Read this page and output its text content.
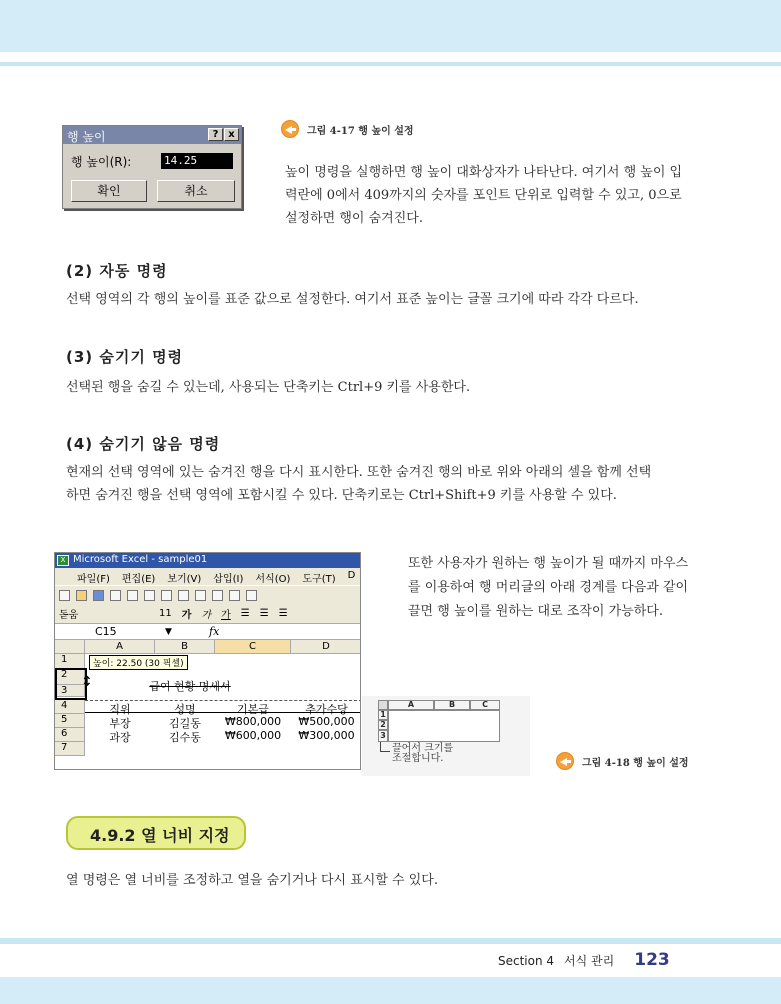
행 높이	? x
행 높이(R):	14.25
확인	취소
그림 4-17 행 높이 설정
높이 명령을 실행하면 행 높이 대화상자가 나타난다. 여기서 행 높이 입
력란에 0에서 409까지의 숫자를 포인트 단위로 입력할 수 있고, 0으로
설정하면 행이 숨겨진다.
(2) 자동 명령
선택 영역의 각 행의 높이를 표준 값으로 설정한다. 여기서 표준 높이는 글꼴 크기에 따라 각각 다르다.
(3) 숨기기 명령
선택된 행을 숨길 수 있는데, 사용되는 단축키는 Ctrl+9 키를 사용한다.
(4) 숨기기 않음 명령
현재의 선택 영역에 있는 숨겨진 행을 다시 표시한다. 또한 숨겨진 행의 바로 위와 아래의 셀을 함께 선택
하면 숨겨진 행을 선택 영역에 포함시킬 수 있다. 단축키로는 Ctrl+Shift+9 키를 사용할 수 있다.
X Microsoft Excel - sample01
파일(F) 편집(E) 보기(V) 삽입(I) 서식(O) 도구(T) D
돋움	11 가 가 가 ☰ ☰ ☰
C15	▼	fx
A	B	C	D
1
2
3
↕
4
5
6
7
높이: 22.50 (30 픽셀)
급여 현황 명세서
직위	성명	기본급	추가수당
부장	김길동	₩800,000	₩500,000
과장	김수동	₩600,000	₩300,000
또한 사용자가 원하는 행 높이가 될 때까지 마우스
를 이용하여 행 머리글의 아래 경계를 다음과 같이
끌면 행 높이를 원하는 대로 조작이 가능하다.
A	B	C
1
2
3
끌어서 크기를
조절합니다.	그림 4-18 행 높이 설정
4.9.2 열 너비 지정
열 명령은 열 너비를 조정하고 열을 숨기거나 다시 표시할 수 있다.
Section 4 서식 관리 123
